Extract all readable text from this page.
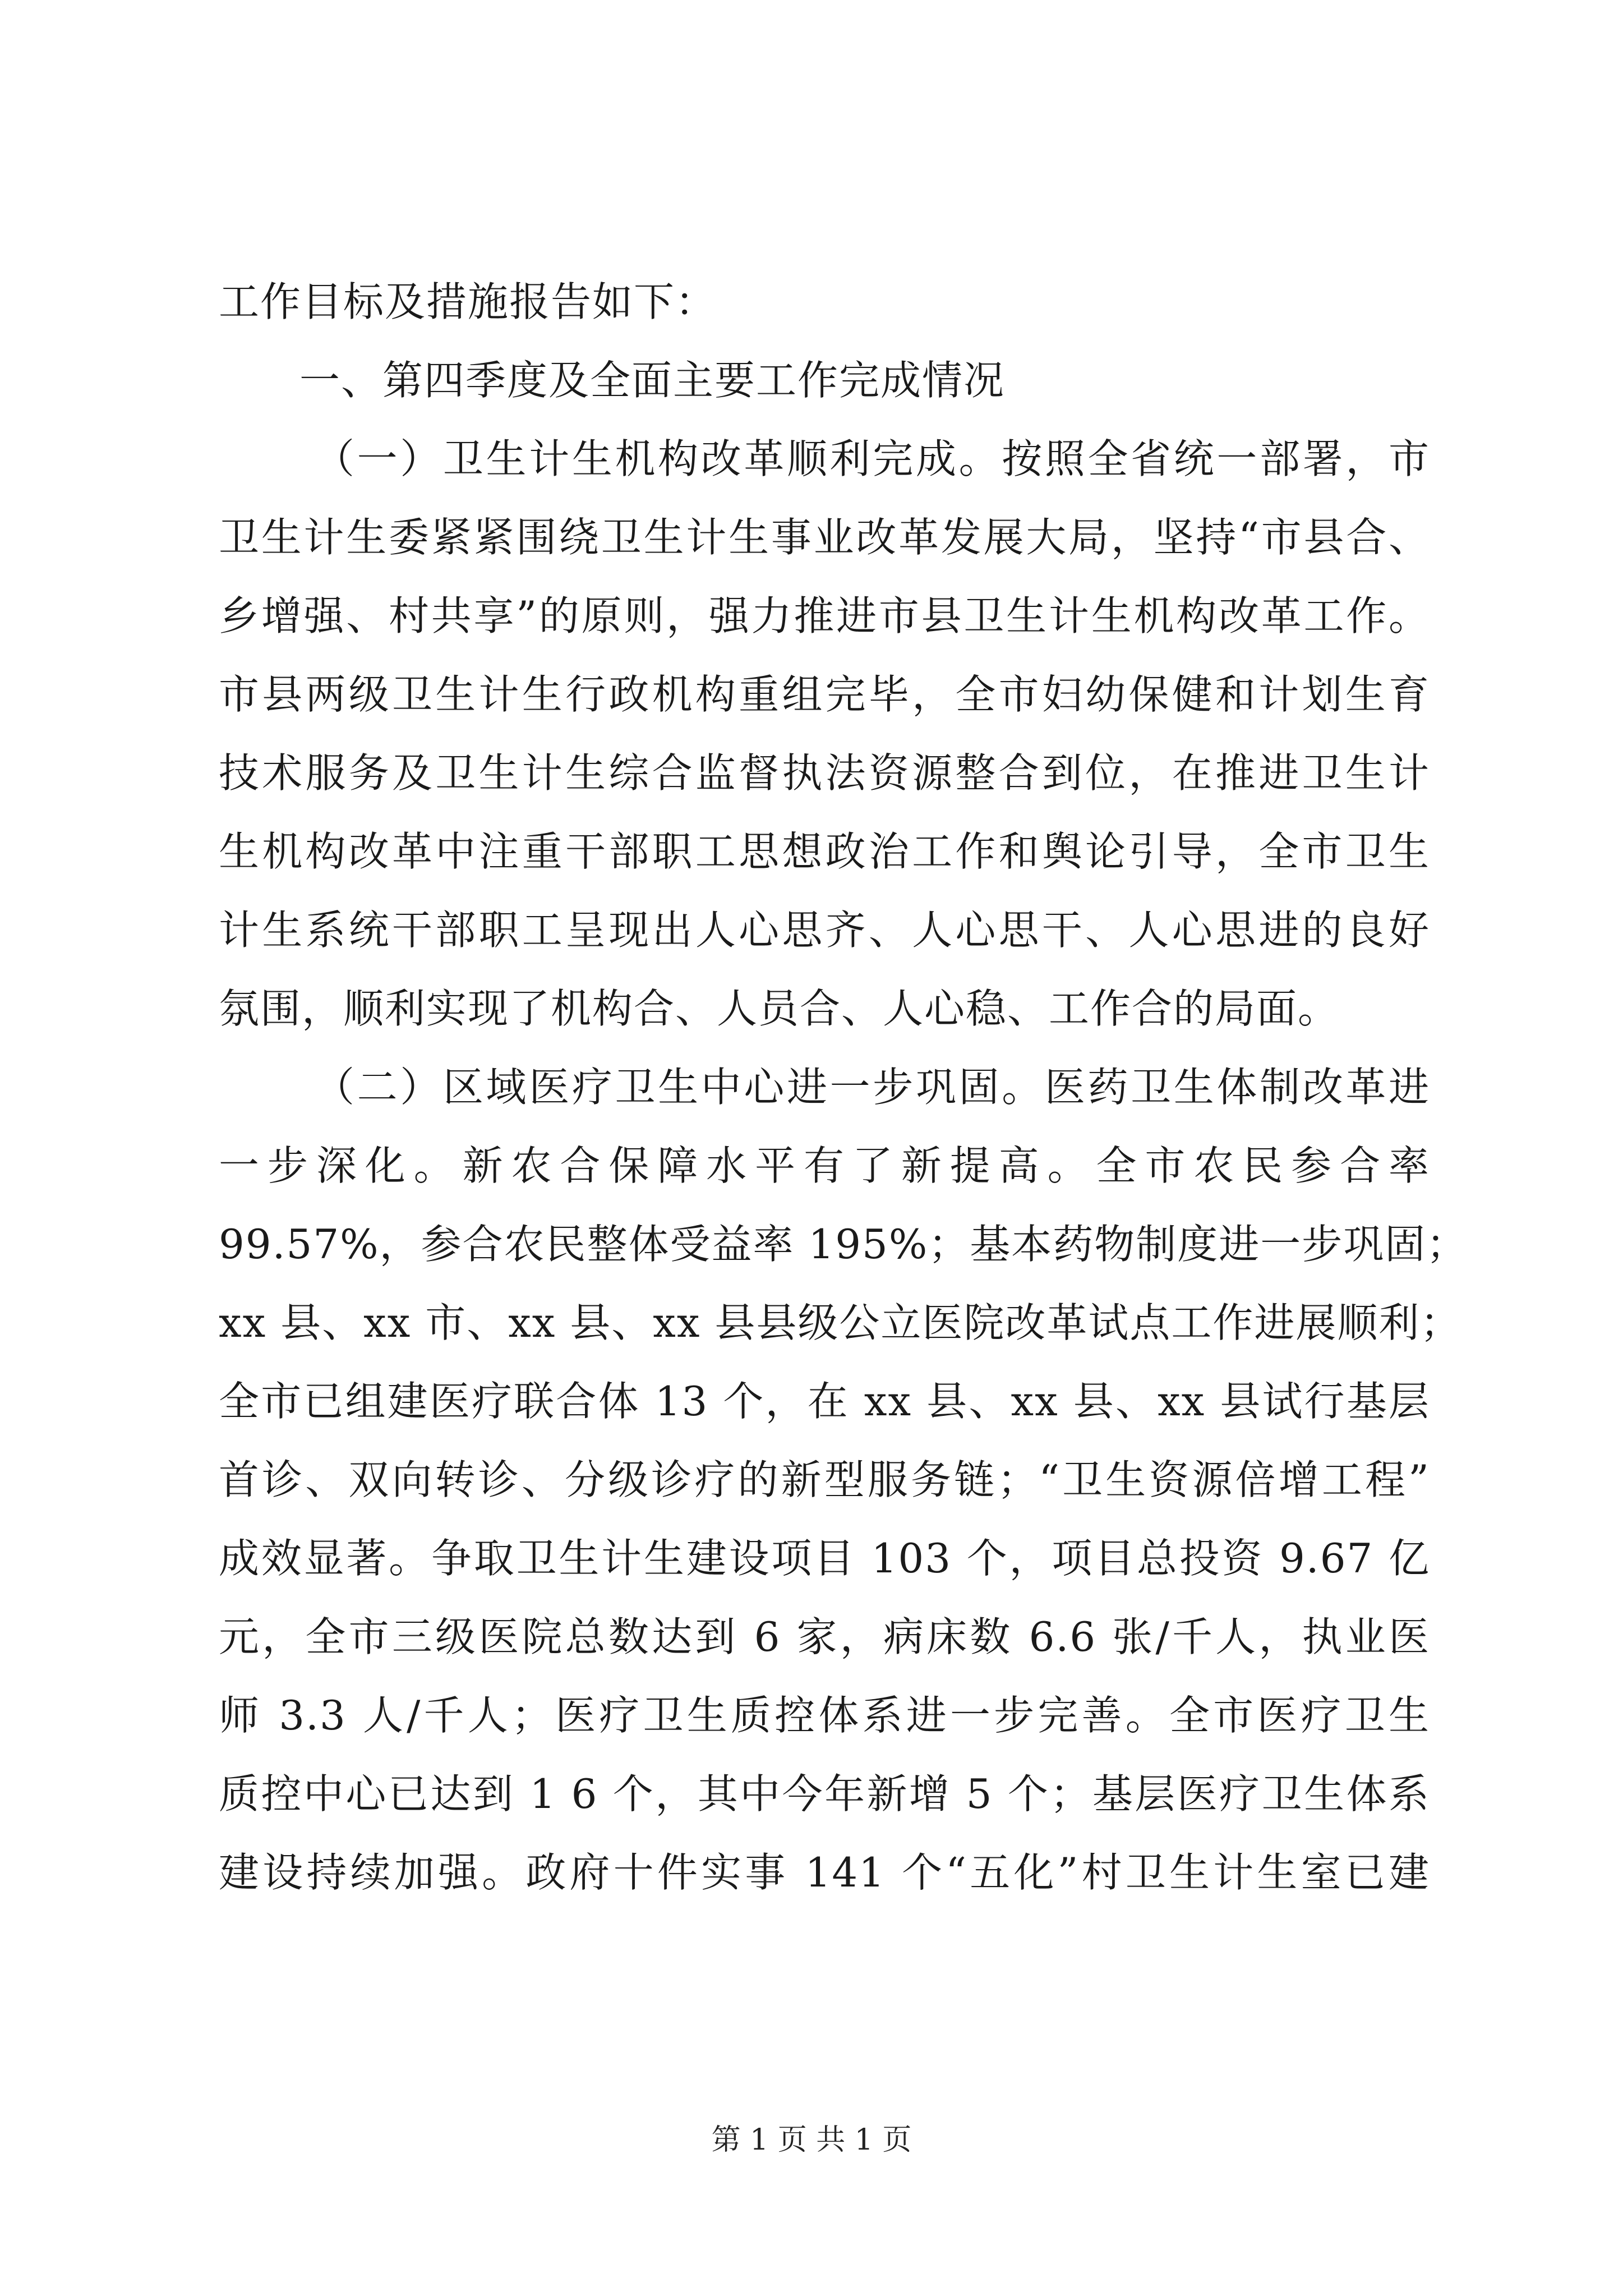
工作目标及措施报告如下：
一、第四季度及全面主要工作完成情况
（一）卫生计生机构改革顺利完成。按照全省统一部署，市
卫生计生委紧紧围绕卫生计生事业改革发展大局，坚持“市县合、
乡增强、村共享”的原则，强力推进市县卫生计生机构改革工作。
市县两级卫生计生行政机构重组完毕，全市妇幼保健和计划生育
技术服务及卫生计生综合监督执法资源整合到位，在推进卫生计
生机构改革中注重干部职工思想政治工作和舆论引导，全市卫生
计生系统干部职工呈现出人心思齐、人心思干、人心思进的良好
氛围，顺利实现了机构合、人员合、人心稳、工作合的局面。
（二）区域医疗卫生中心进一步巩固。医药卫生体制改革进
一步深化。新农合保障水平有了新提高。全市农民参合率
99.57%，参合农民整体受益率 195%；基本药物制度进一步巩固；
xx 县、xx 市、xx 县、xx 县县级公立医院改革试点工作进展顺利；
全市已组建医疗联合体 13 个，在 xx 县、xx 县、xx 县试行基层
首诊、双向转诊、分级诊疗的新型服务链；“卫生资源倍增工程”
成效显著。争取卫生计生建设项目 103 个，项目总投资 9.67 亿
元，全市三级医院总数达到 6 家，病床数 6.6 张/千人，执业医
师 3.3 人/千人；医疗卫生质控体系进一步完善。全市医疗卫生
质控中心已达到 1 6 个，其中今年新增 5 个；基层医疗卫生体系
建设持续加强。政府十件实事 141 个“五化”村卫生计生室已建
第 1 页 共 1 页
